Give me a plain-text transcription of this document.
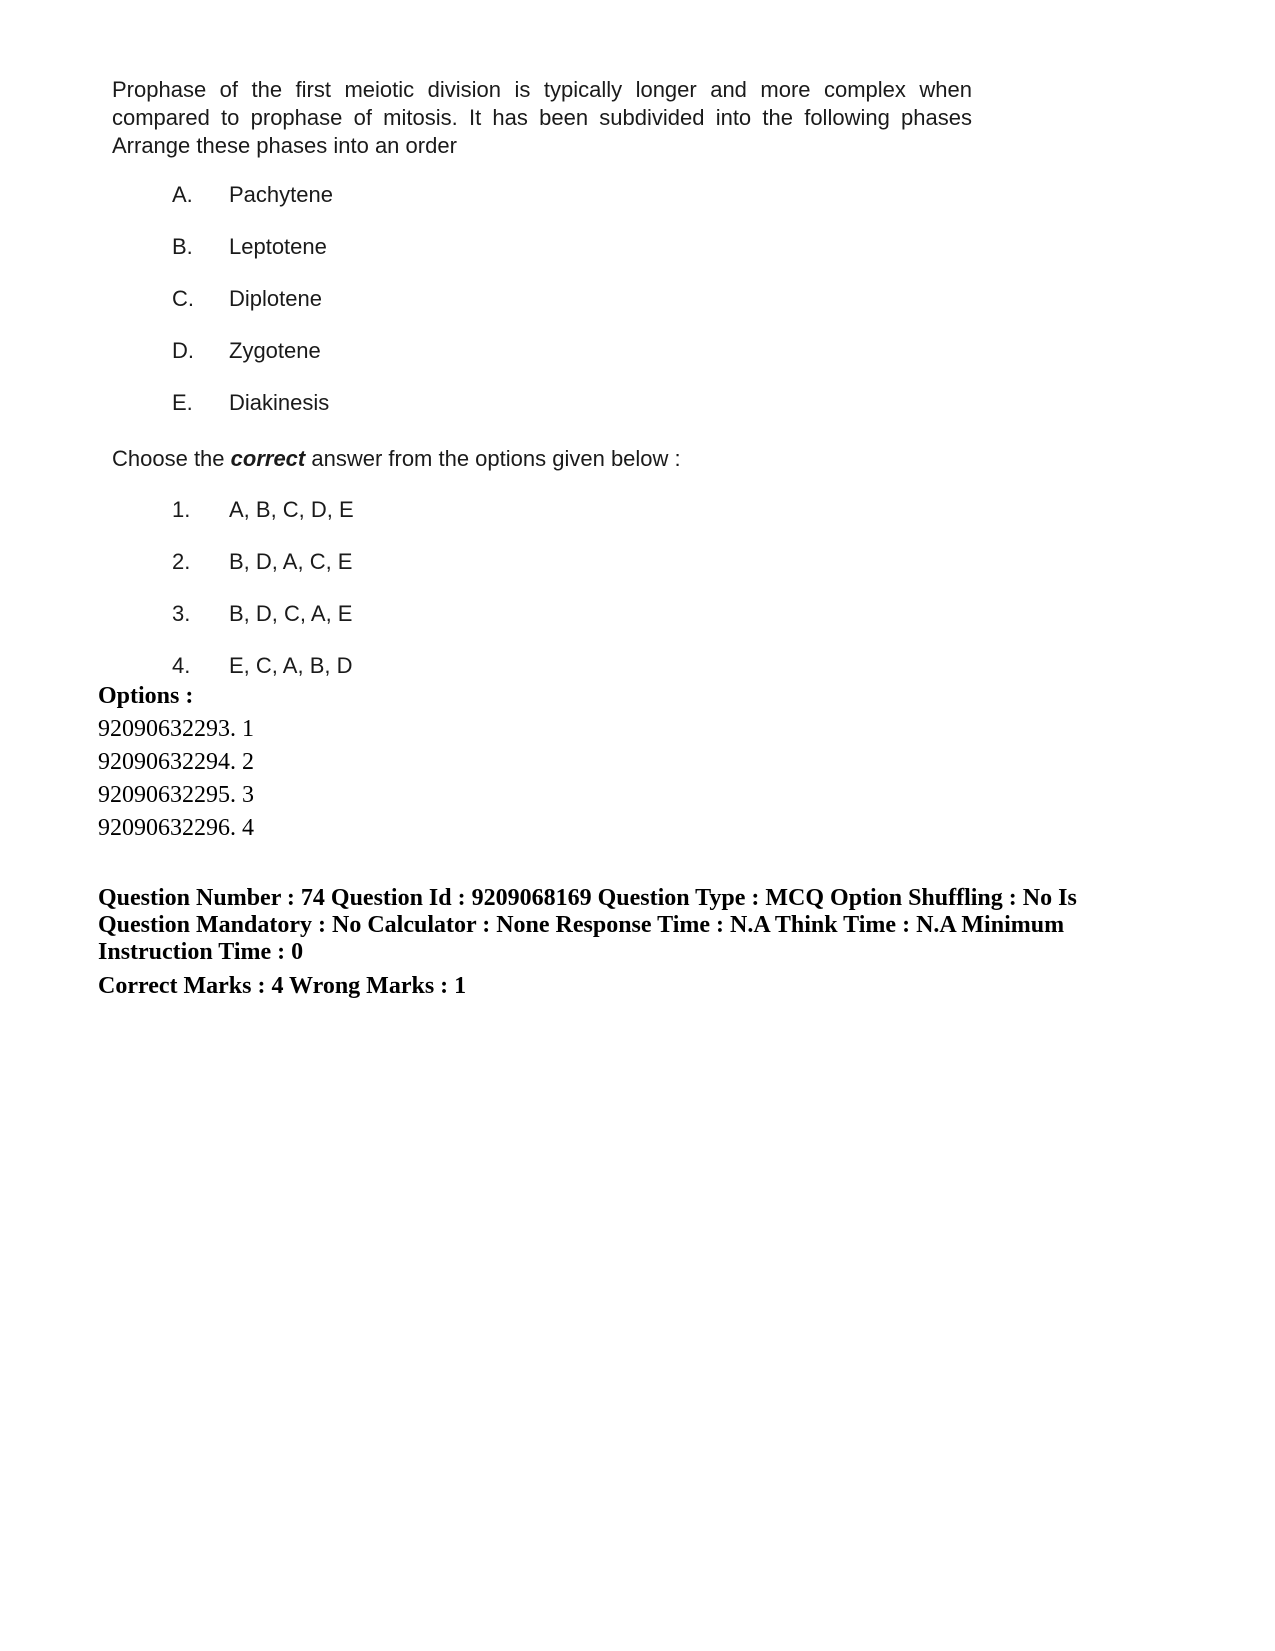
Prophase of the first meiotic division is typically longer and more complex when compared to prophase of mitosis. It has been subdivided into the following phases Arrange these phases into an order

A. Pachytene
B. Leptotene
C. Diplotene
D. Zygotene
E. Diakinesis

Choose the correct answer from the options given below :

1. A, B, C, D, E
2. B, D, A, C, E
3. B, D, C, A, E
4. E, C, A, B, D
Options :
92090632293. 1
92090632294. 2
92090632295. 3
92090632296. 4
Question Number : 74 Question Id : 9209068169 Question Type : MCQ Option Shuffling : No Is Question Mandatory : No Calculator : None Response Time : N.A Think Time : N.A Minimum Instruction Time : 0
Correct Marks : 4 Wrong Marks : 1
